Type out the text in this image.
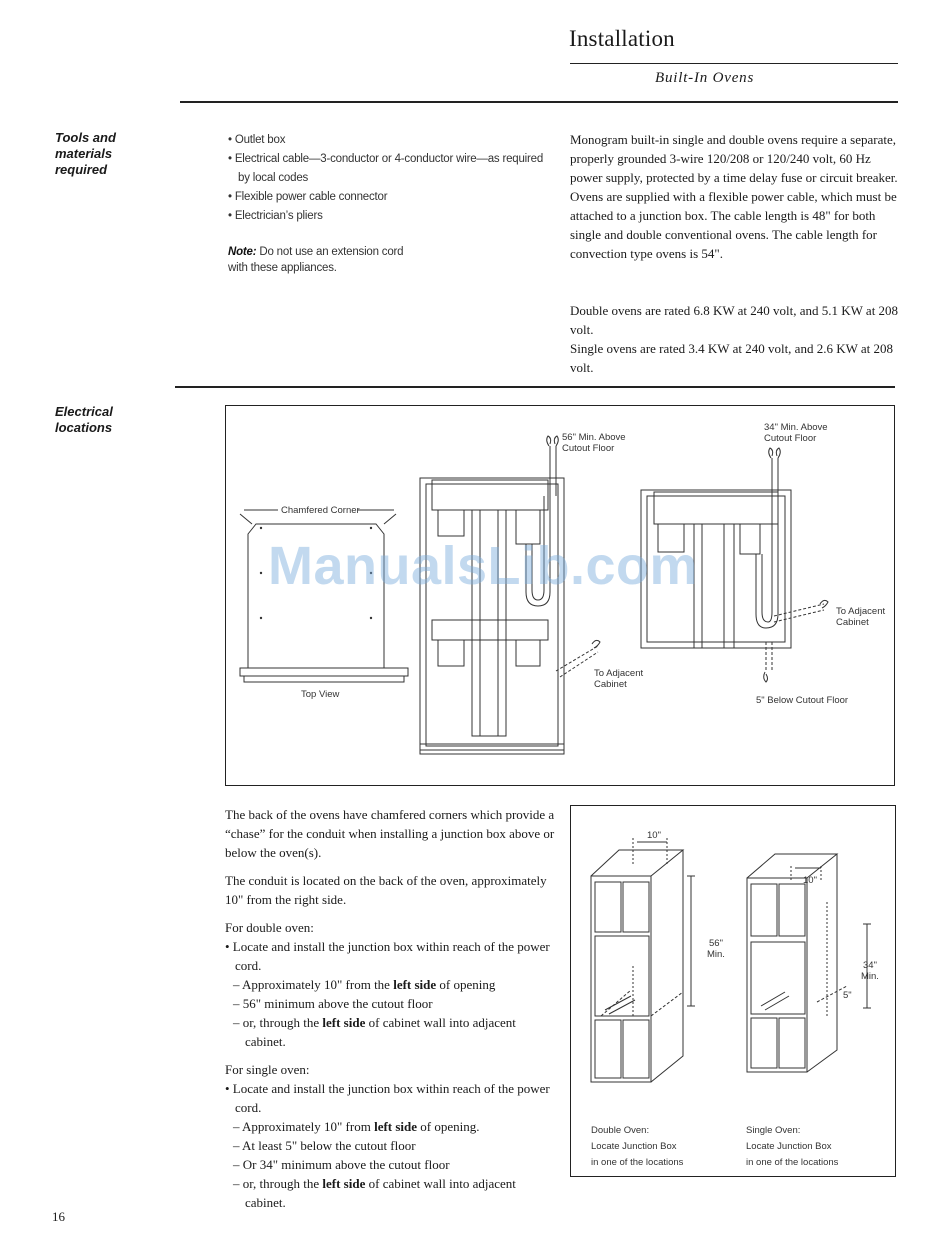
Installation
Built-In Ovens
Tools and
materials
required
• Outlet box
• Electrical cable—3-conductor or 4-conductor wire—as required by local codes
• Flexible power cable connector
• Electrician’s pliers
Note: Do not use an extension cord with these appliances.
Monogram built-in single and double ovens require a separate, properly grounded 3-wire 120/208 or 120/240 volt, 60 Hz power supply, protected by a time delay fuse or circuit breaker. Ovens are supplied with a flexible power cable, which must be attached to a junction box. The cable length is 48" for both single and double conventional ovens. The cable length for convection type ovens is 54".
Double ovens are rated 6.8 KW at 240 volt, and 5.1 KW at 208 volt.
Single ovens are rated 3.4 KW at 240 volt, and 2.6 KW at 208 volt.
Electrical
locations
Chamfered Corner
Top View
56" Min. Above
Cutout Floor
To Adjacent
Cabinet
34" Min. Above
Cutout Floor
To Adjacent
Cabinet
5" Below Cutout Floor
ManualsLib.com

The back of the ovens have chamfered corners which provide a “chase” for the conduit when installing a junction box above or below the oven(s).

The conduit is located on the back of the oven, approximately 10" from the right side.

For double oven:

• Locate and install the junction box within reach of the power cord.

– Approximately 10" from the left side of opening

– 56" minimum above the cutout floor

– or, through the left side of cabinet wall into adjacent cabinet.

For single oven:

• Locate and install the junction box within reach of the power cord.

– Approximately 10" from left side of opening.

– At least 5" below the cutout floor

– Or 34" minimum above the cutout floor

– or, through the left side of cabinet wall into adjacent cabinet.

10"
56"
Min.
10"
34"
Min.
5"
Double Oven:
Locate Junction Box
in one of the locations
Single Oven:
Locate Junction Box
in one of the locations
16
